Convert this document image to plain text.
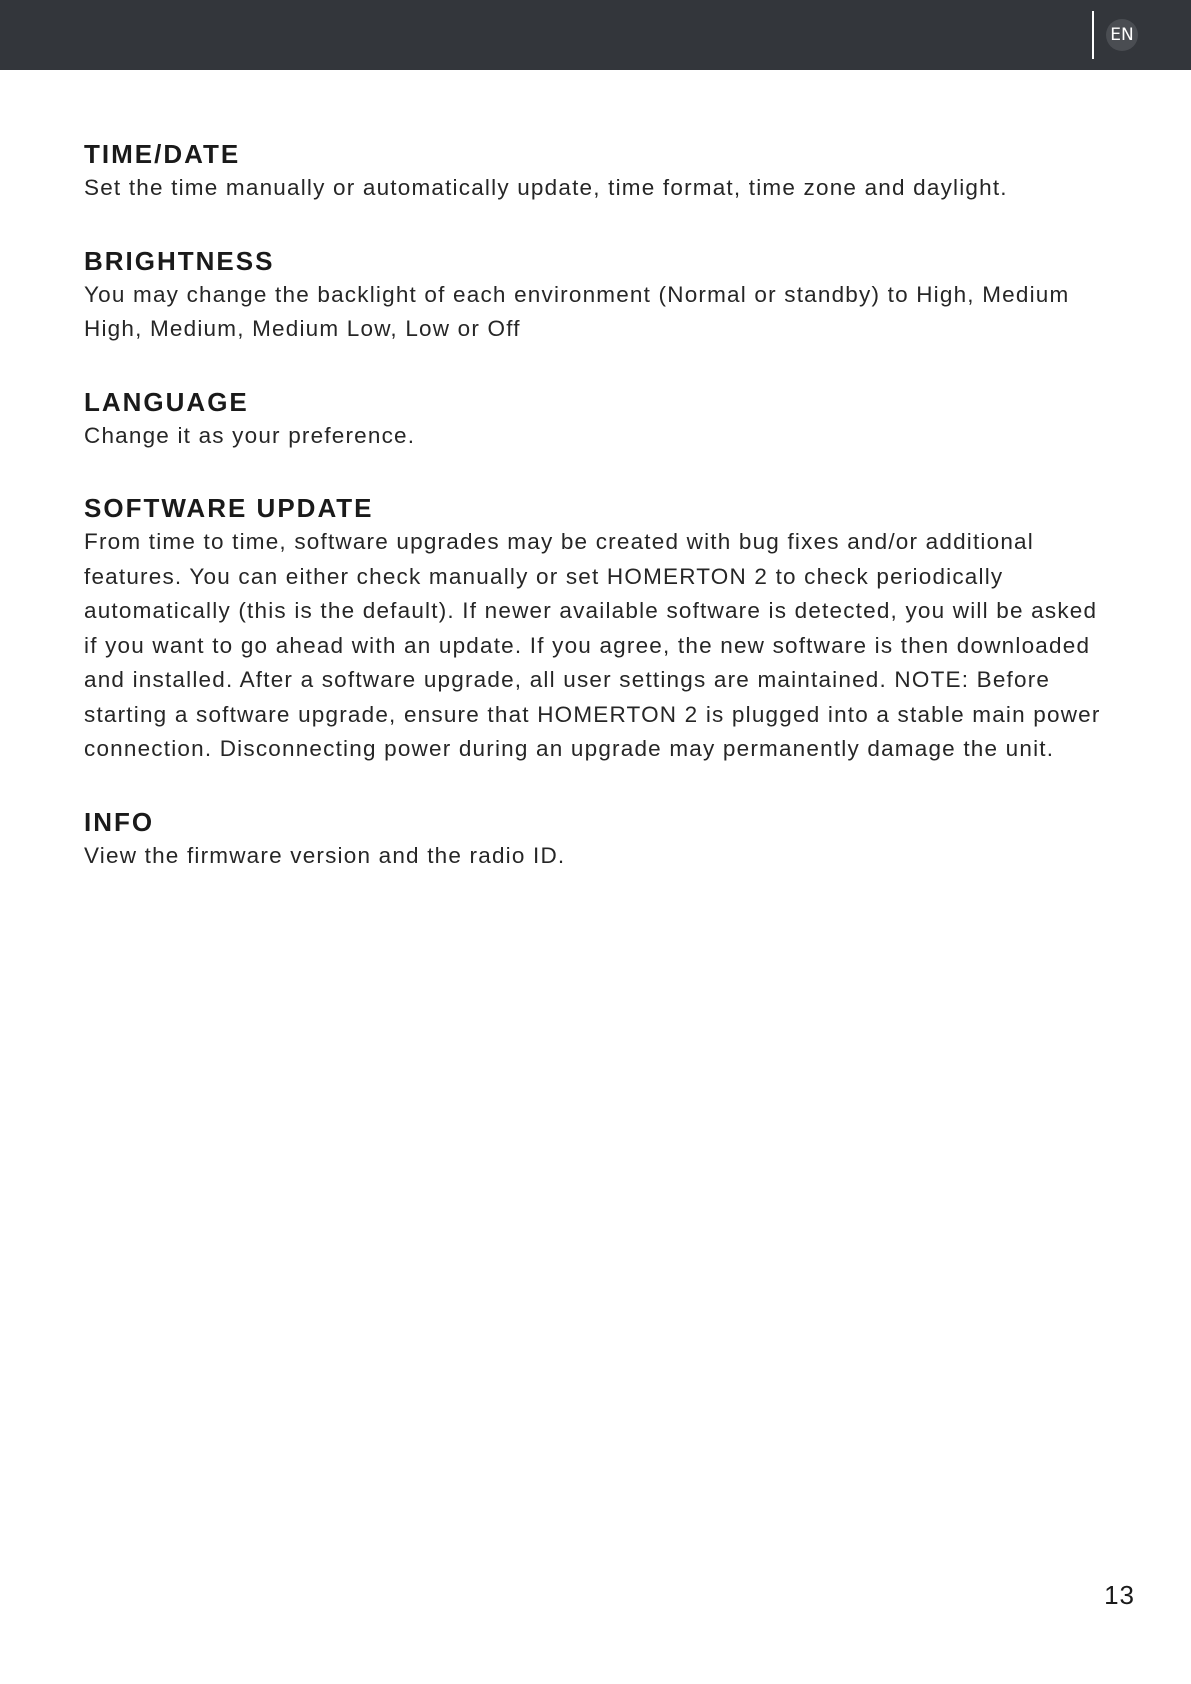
EN
TIME/DATE

Set the time manually or automatically update, time format, time zone and daylight.

BRIGHTNESS

You may change the backlight of each environment (Normal or standby) to High, Medium High, Medium, Medium Low, Low or Off

LANGUAGE

Change it as your preference.

SOFTWARE UPDATE

From time to time, software upgrades may be created with bug fixes and/or additional features. You can either check manually or set HOMERTON 2 to check periodically automatically (this is the default). If newer available software is detected, you will be asked if you want to go ahead with an update. If you agree, the new software is then downloaded and installed. After a software upgrade, all user settings are maintained. NOTE: Before starting a software upgrade, ensure that HOMERTON 2 is plugged into a stable main power connection. Disconnecting power during an upgrade may permanently damage the unit.

INFO

View the firmware version and the radio ID.

13
